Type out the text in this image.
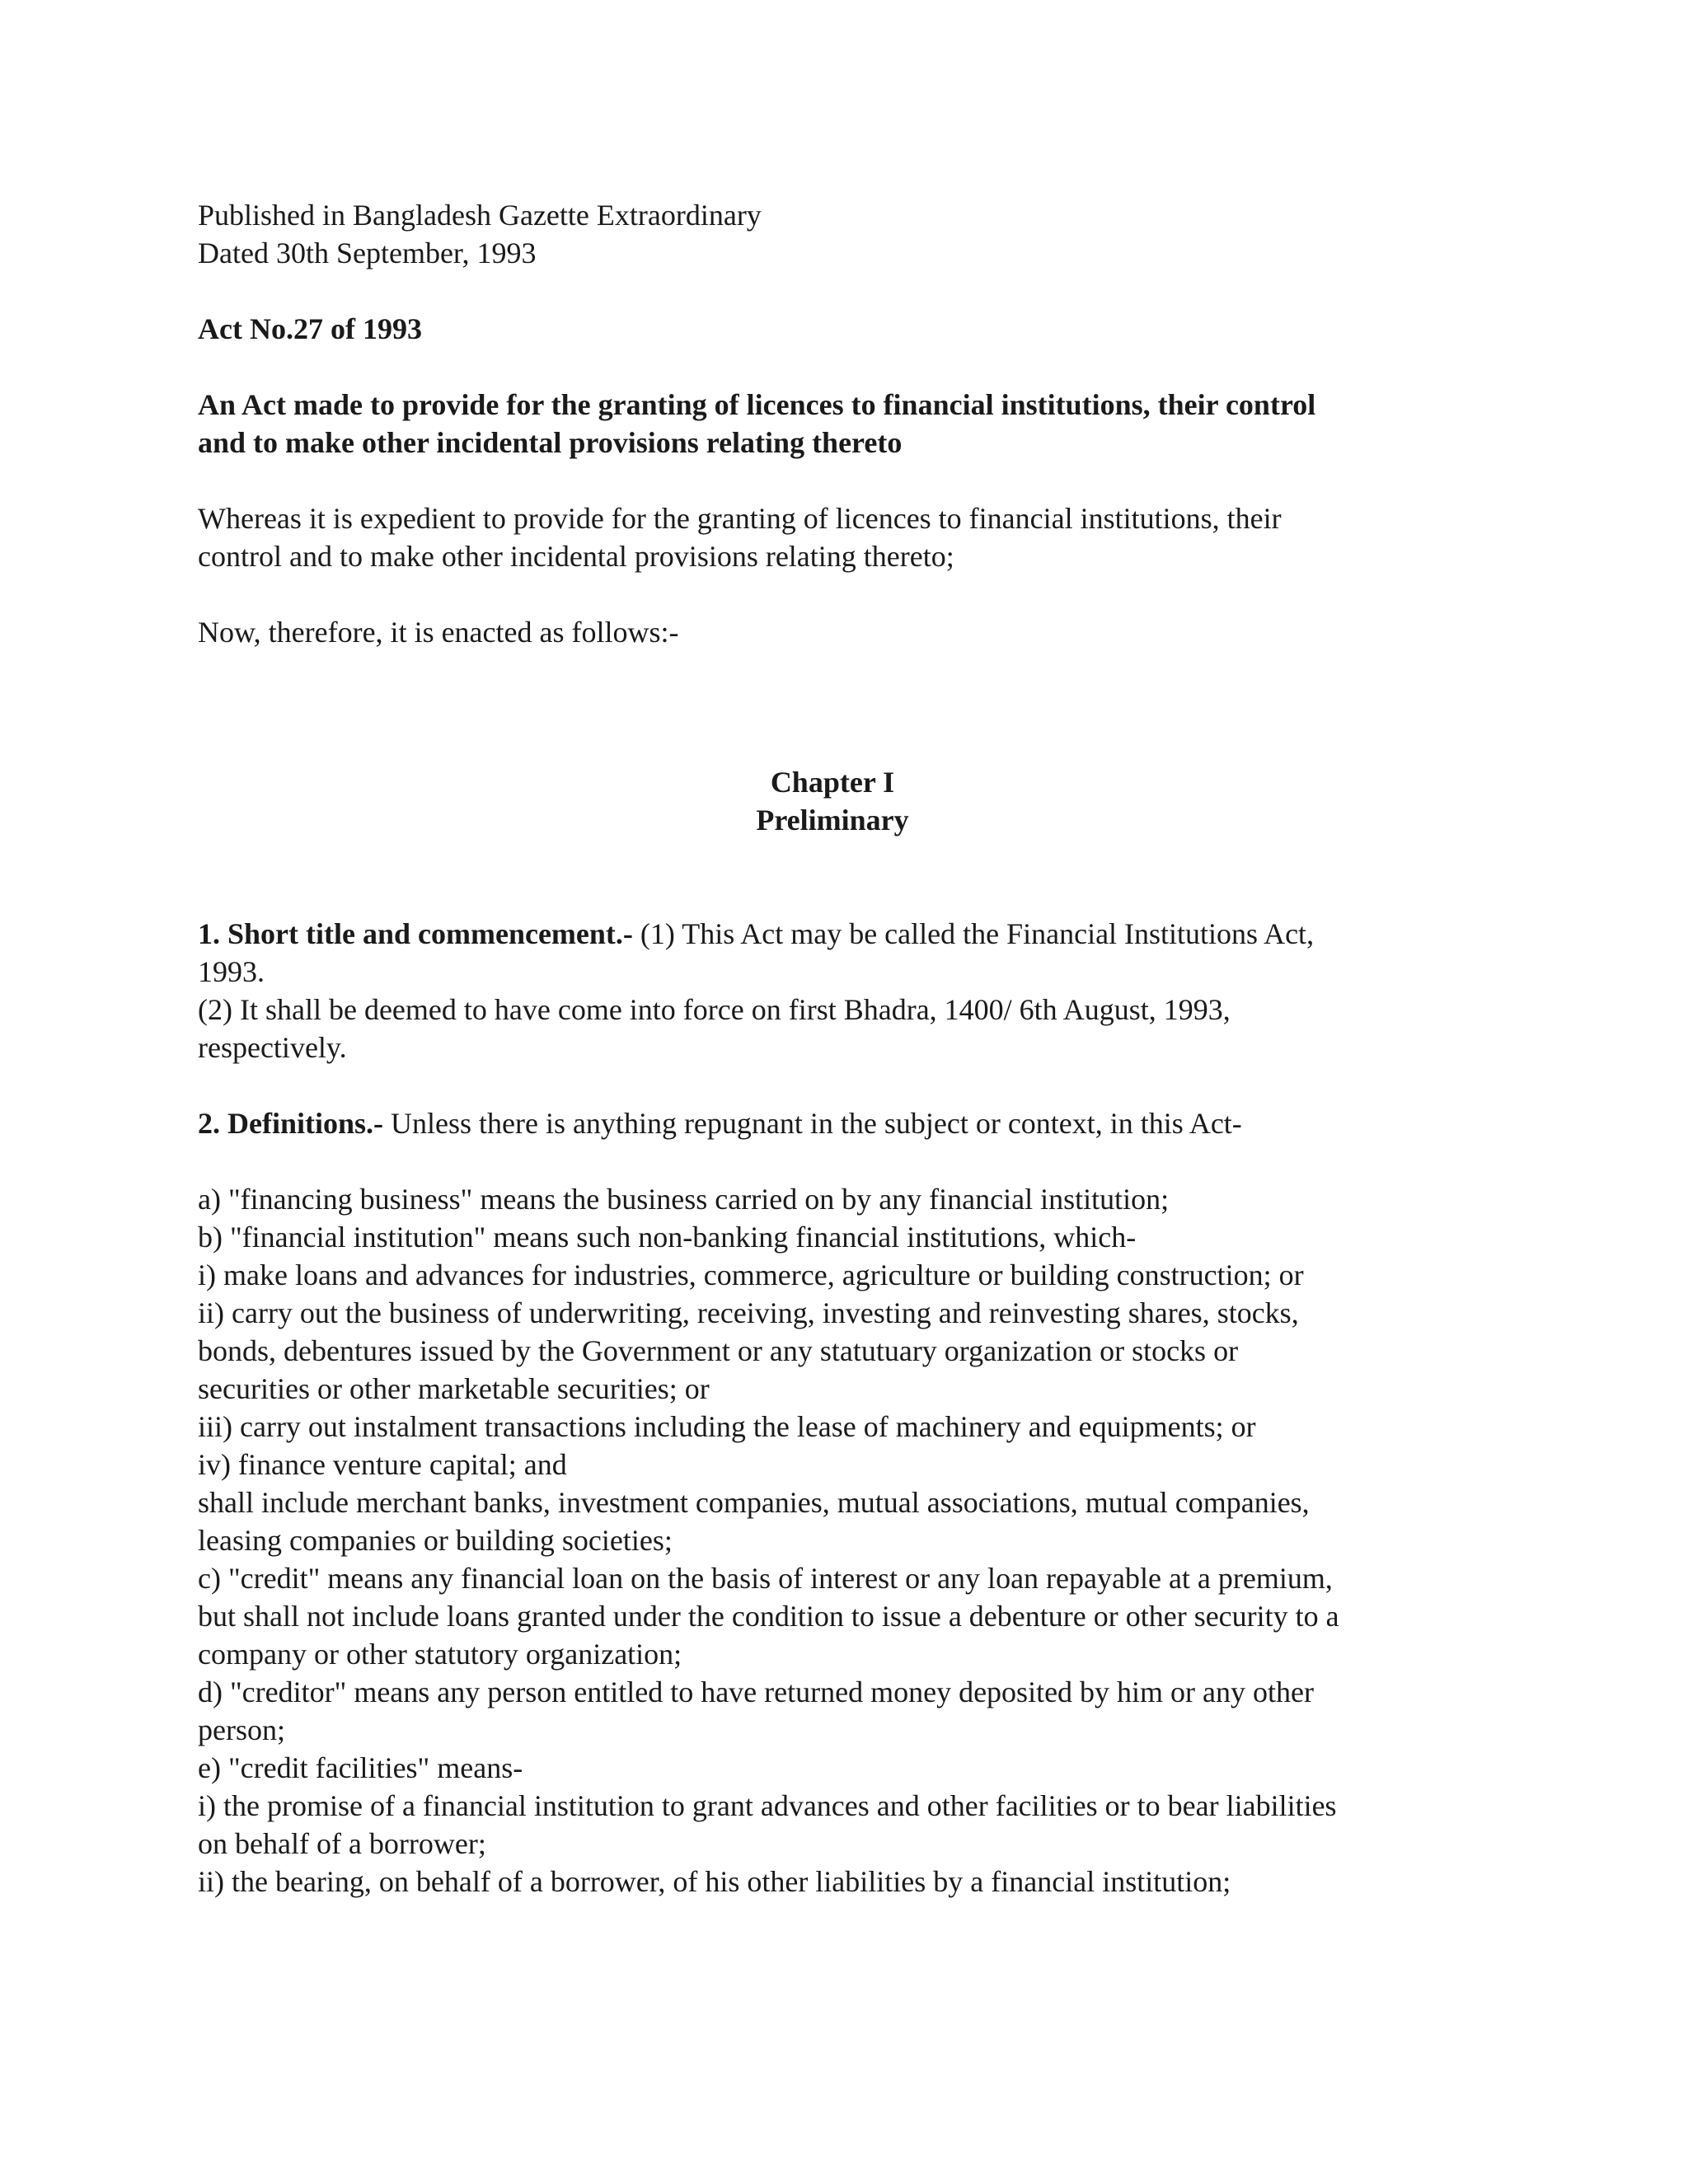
Published in Bangladesh Gazette Extraordinary
Dated 30th September, 1993
Act No.27 of 1993
An Act made to provide for the granting of licences to financial institutions, their control
and to make other incidental provisions relating thereto
Whereas it is expedient to provide for the granting of licences to financial institutions, their
control and to make other incidental provisions relating thereto;
Now, therefore, it is enacted as follows:-
Chapter I
Preliminary
1. Short title and commencement.- (1) This Act may be called the Financial Institutions Act,
1993.
(2) It shall be deemed to have come into force on first Bhadra, 1400/ 6th August, 1993,
respectively.
2. Definitions.- Unless there is anything repugnant in the subject or context, in this Act-
a) "financing business" means the business carried on by any financial institution;
b) "financial institution" means such non-banking financial institutions, which-
i) make loans and advances for industries, commerce, agriculture or building construction; or
ii) carry out the business of underwriting, receiving, investing and reinvesting shares, stocks,
bonds, debentures issued by the Government or any statutuary organization or stocks or
securities or other marketable securities; or
iii) carry out instalment transactions including the lease of machinery and equipments; or
iv) finance venture capital; and
shall include merchant banks, investment companies, mutual associations, mutual companies,
leasing companies or building societies;
c) "credit" means any financial loan on the basis of interest or any loan repayable at a premium,
but shall not include loans granted under the condition to issue a debenture or other security to a
company or other statutory organization;
d) "creditor" means any person entitled to have returned money deposited by him or any other
person;
e) "credit facilities" means-
i) the promise of a financial institution to grant advances and other facilities or to bear liabilities
on behalf of a borrower;
ii) the bearing, on behalf of a borrower, of his other liabilities by a financial institution;
